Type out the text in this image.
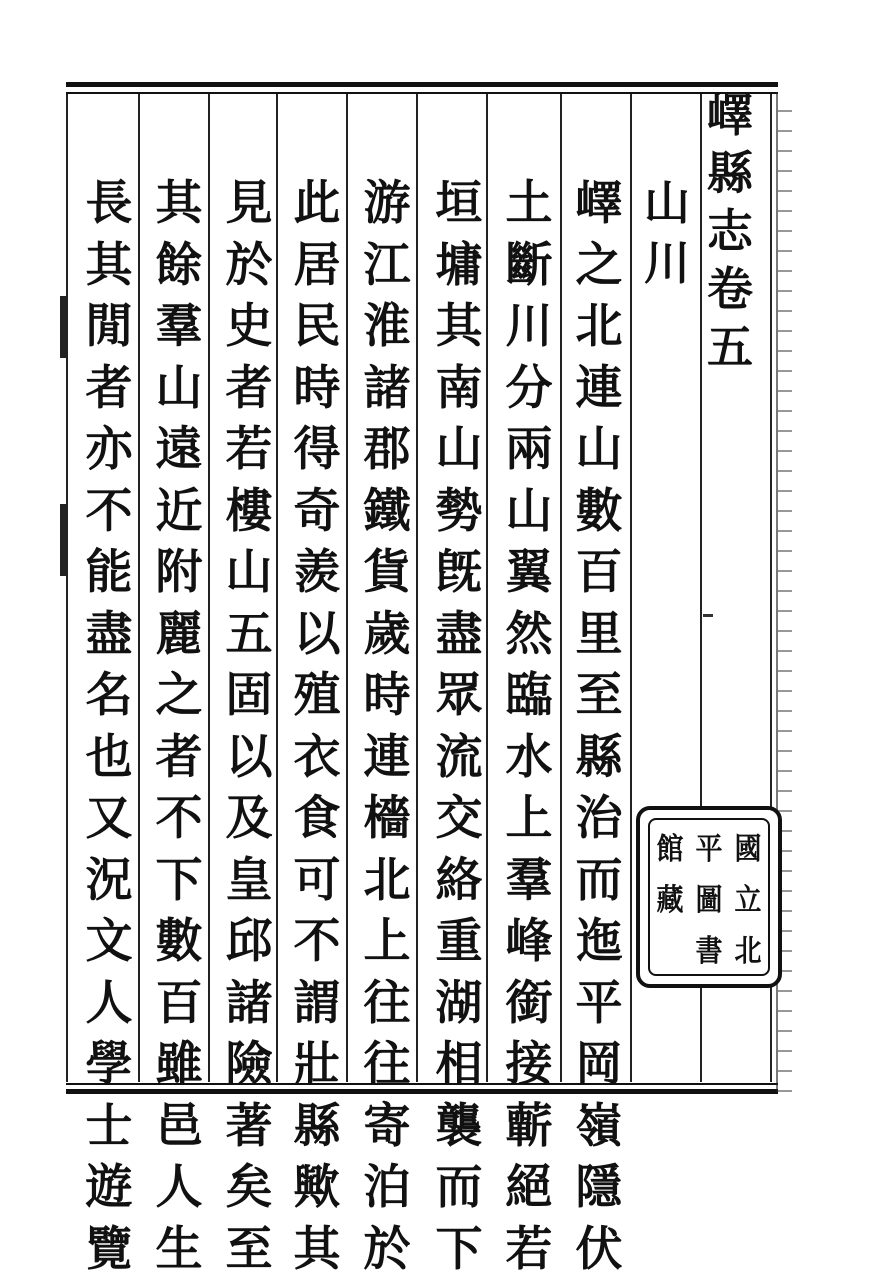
嶧
縣
志
卷
五
山
川
嶧
之
北
連
山
數
百
里
至
縣
治
而
迤
平
岡
嶺
隱
伏
土
斷
川
分
兩
山
翼
然
臨
水
上
羣
峰
銜
接
蘄
絕
若
垣
墉
其
南
山
勢
旣
盡
眾
流
交
絡
重
湖
相
襲
而
下
游
江
淮
諸
郡
鐵
貨
歲
時
連
檣
北
上
往
往
寄
泊
於
此
居
民
時
得
奇
羨
以
殖
衣
食
可
不
謂
壯
縣
歟
其
見
於
史
者
若
樓
山
五
固
以
及
皇
邱
諸
險
著
矣
至
其
餘
羣
山
遠
近
附
麗
之
者
不
下
數
百
雖
邑
人
生
長
其
閒
者
亦
不
能
盡
名
也
又
況
文
人
學
士
遊
覽
館 平 國
藏 圖 立
書 北
